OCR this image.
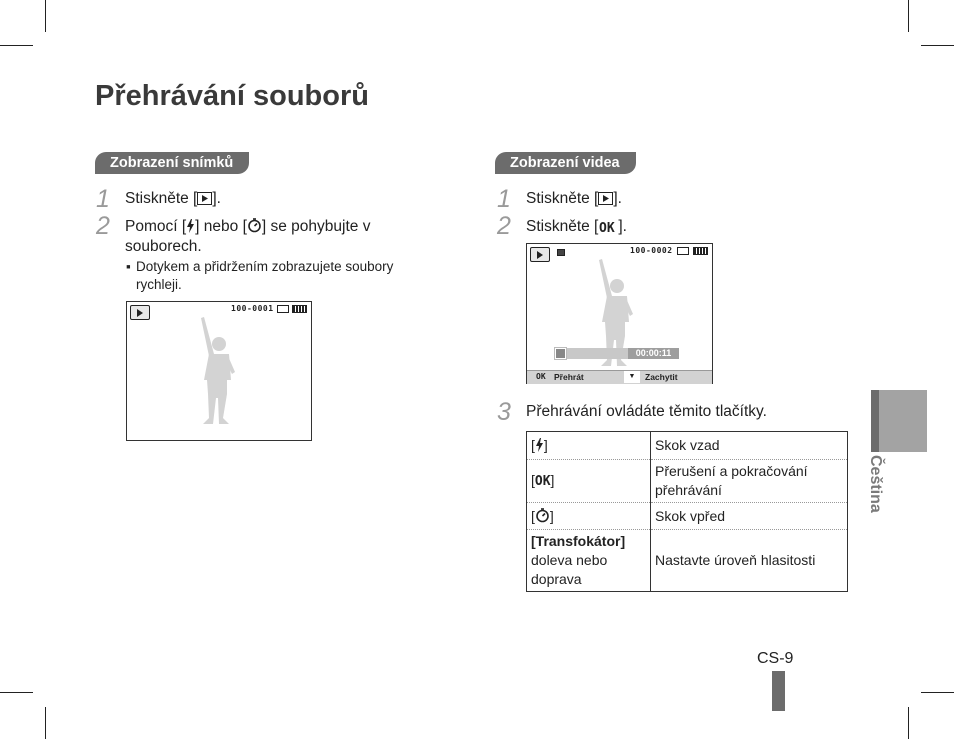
Přehrávání souborů
Zobrazení snímků
1 Stiskněte [ ].
2 Pomocí [ ] nebo [ ] se pohybujte v
souborech.
▪ Dotykem a přidržením zobrazujete soubory
rychleji.
100-0001
Zobrazení videa
1 Stiskněte [ ].
2 Stiskněte [ OK ].
100-0002
00:00:11
OK Přehrát	▼	Zachytit
3 Přehrávání ovládáte těmito tlačítky.
[ ]	Skok vzad
[OK]	Přerušení a pokračování
přehrávání
[ ]	Skok vpřed
[Transfokátor]
doleva nebo
doprava	Nastavte úroveň hlasitosti
Čeština
CS-9
